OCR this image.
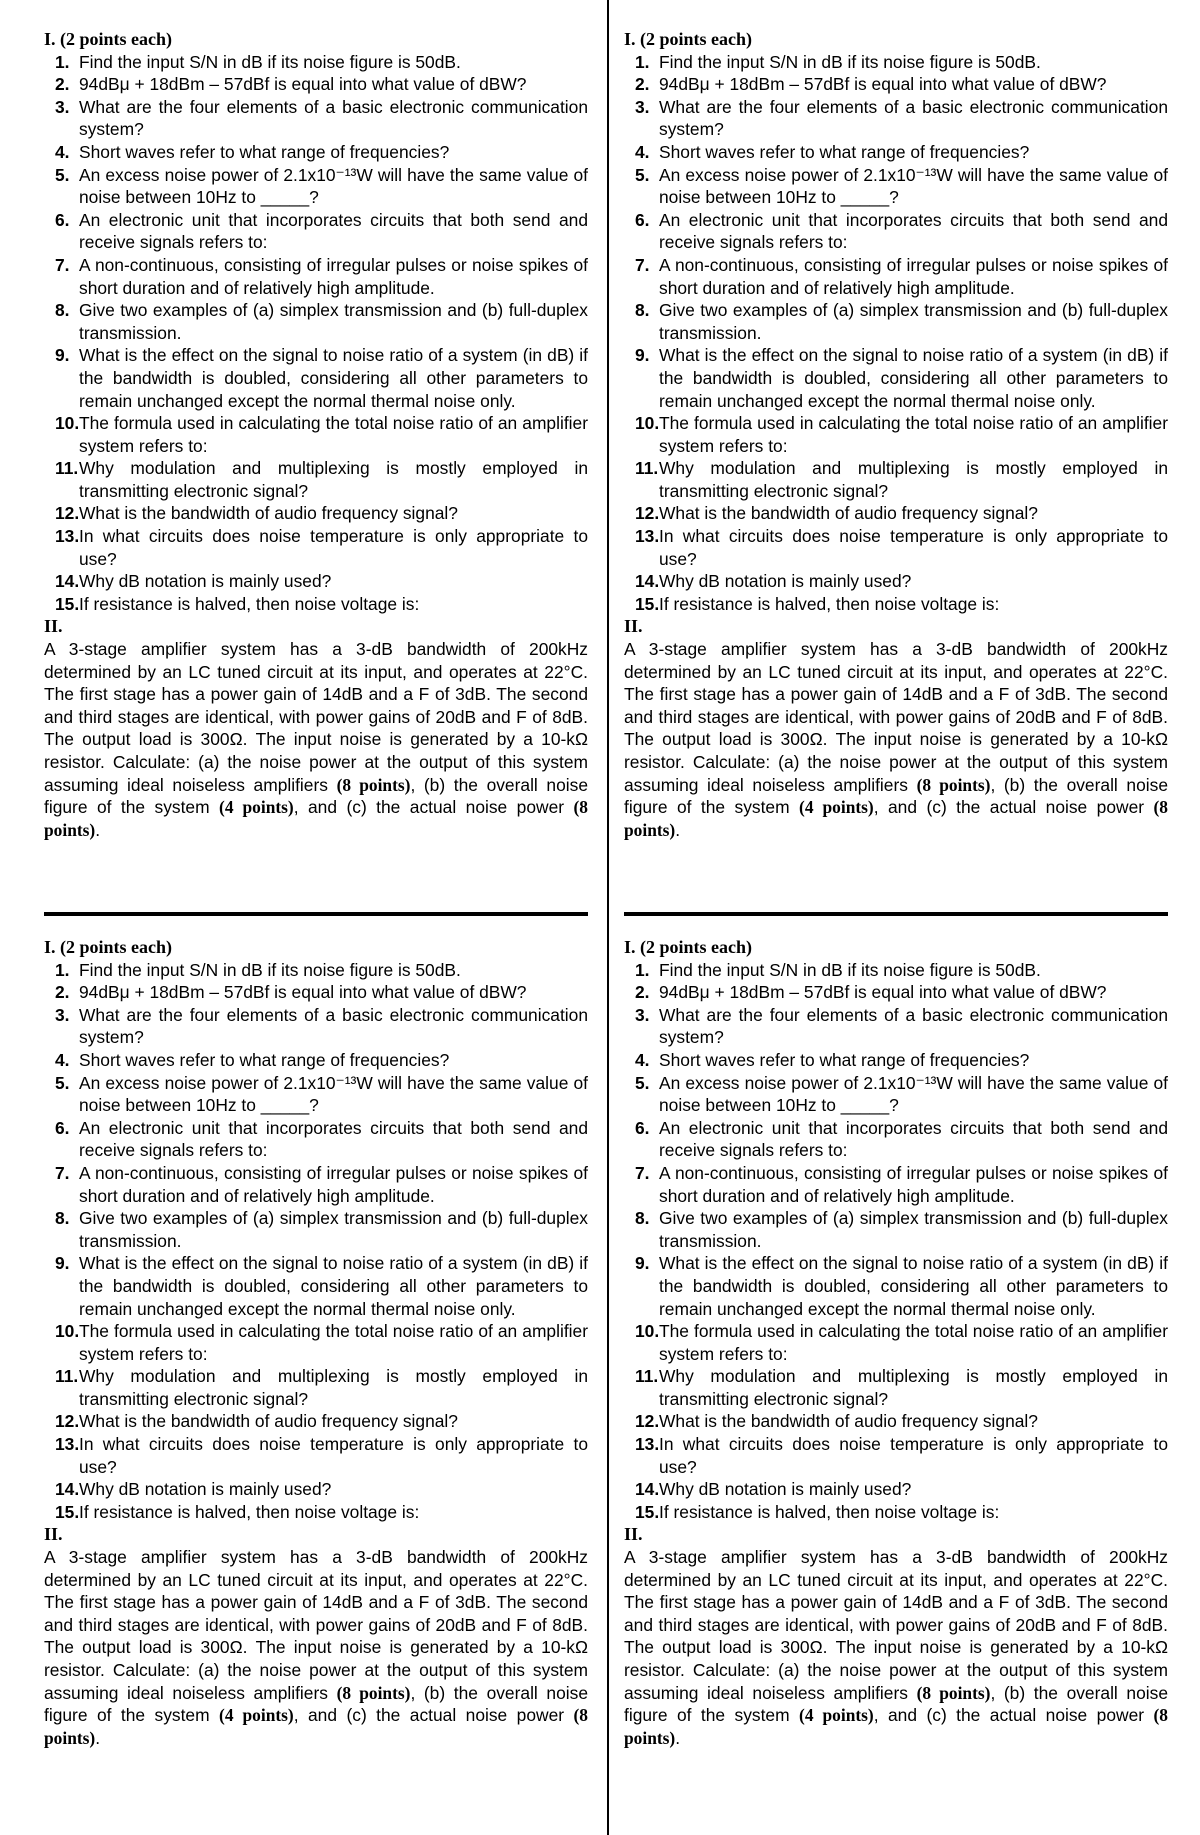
I. (2 points each)
1. Find the input S/N in dB if its noise figure is 50dB.
2. 94dBμ + 18dBm – 57dBf is equal into what value of dBW?
3. What are the four elements of a basic electronic communication system?
4. Short waves refer to what range of frequencies?
5. An excess noise power of 2.1x10⁻¹³W will have the same value of noise between 10Hz to _____?
6. An electronic unit that incorporates circuits that both send and receive signals refers to:
7. A non-continuous, consisting of irregular pulses or noise spikes of short duration and of relatively high amplitude.
8. Give two examples of (a) simplex transmission and (b) full-duplex transmission.
9. What is the effect on the signal to noise ratio of a system (in dB) if the bandwidth is doubled, considering all other parameters to remain unchanged except the normal thermal noise only.
10. The formula used in calculating the total noise ratio of an amplifier system refers to:
11. Why modulation and multiplexing is mostly employed in transmitting electronic signal?
12. What is the bandwidth of audio frequency signal?
13. In what circuits does noise temperature is only appropriate to use?
14. Why dB notation is mainly used?
15. If resistance is halved, then noise voltage is:
II.
A 3-stage amplifier system has a 3-dB bandwidth of 200kHz determined by an LC tuned circuit at its input, and operates at 22°C. The first stage has a power gain of 14dB and a F of 3dB. The second and third stages are identical, with power gains of 20dB and F of 8dB. The output load is 300Ω. The input noise is generated by a 10-kΩ resistor. Calculate: (a) the noise power at the output of this system assuming ideal noiseless amplifiers (8 points), (b) the overall noise figure of the system (4 points), and (c) the actual noise power (8 points).
I. (2 points each)
1. Find the input S/N in dB if its noise figure is 50dB.
2. 94dBμ + 18dBm – 57dBf is equal into what value of dBW?
3. What are the four elements of a basic electronic communication system?
4. Short waves refer to what range of frequencies?
5. An excess noise power of 2.1x10⁻¹³W will have the same value of noise between 10Hz to _____?
6. An electronic unit that incorporates circuits that both send and receive signals refers to:
7. A non-continuous, consisting of irregular pulses or noise spikes of short duration and of relatively high amplitude.
8. Give two examples of (a) simplex transmission and (b) full-duplex transmission.
9. What is the effect on the signal to noise ratio of a system (in dB) if the bandwidth is doubled, considering all other parameters to remain unchanged except the normal thermal noise only.
10. The formula used in calculating the total noise ratio of an amplifier system refers to:
11. Why modulation and multiplexing is mostly employed in transmitting electronic signal?
12. What is the bandwidth of audio frequency signal?
13. In what circuits does noise temperature is only appropriate to use?
14. Why dB notation is mainly used?
15. If resistance is halved, then noise voltage is:
II.
A 3-stage amplifier system has a 3-dB bandwidth of 200kHz determined by an LC tuned circuit at its input, and operates at 22°C. The first stage has a power gain of 14dB and a F of 3dB. The second and third stages are identical, with power gains of 20dB and F of 8dB. The output load is 300Ω. The input noise is generated by a 10-kΩ resistor. Calculate: (a) the noise power at the output of this system assuming ideal noiseless amplifiers (8 points), (b) the overall noise figure of the system (4 points), and (c) the actual noise power (8 points).
I. (2 points each)
1. Find the input S/N in dB if its noise figure is 50dB.
2. 94dBμ + 18dBm – 57dBf is equal into what value of dBW?
3. What are the four elements of a basic electronic communication system?
4. Short waves refer to what range of frequencies?
5. An excess noise power of 2.1x10⁻¹³W will have the same value of noise between 10Hz to _____?
6. An electronic unit that incorporates circuits that both send and receive signals refers to:
7. A non-continuous, consisting of irregular pulses or noise spikes of short duration and of relatively high amplitude.
8. Give two examples of (a) simplex transmission and (b) full-duplex transmission.
9. What is the effect on the signal to noise ratio of a system (in dB) if the bandwidth is doubled, considering all other parameters to remain unchanged except the normal thermal noise only.
10. The formula used in calculating the total noise ratio of an amplifier system refers to:
11. Why modulation and multiplexing is mostly employed in transmitting electronic signal?
12. What is the bandwidth of audio frequency signal?
13. In what circuits does noise temperature is only appropriate to use?
14. Why dB notation is mainly used?
15. If resistance is halved, then noise voltage is:
II.
A 3-stage amplifier system has a 3-dB bandwidth of 200kHz determined by an LC tuned circuit at its input, and operates at 22°C. The first stage has a power gain of 14dB and a F of 3dB. The second and third stages are identical, with power gains of 20dB and F of 8dB. The output load is 300Ω. The input noise is generated by a 10-kΩ resistor. Calculate: (a) the noise power at the output of this system assuming ideal noiseless amplifiers (8 points), (b) the overall noise figure of the system (4 points), and (c) the actual noise power (8 points).
I. (2 points each)
1. Find the input S/N in dB if its noise figure is 50dB.
2. 94dBμ + 18dBm – 57dBf is equal into what value of dBW?
3. What are the four elements of a basic electronic communication system?
4. Short waves refer to what range of frequencies?
5. An excess noise power of 2.1x10⁻¹³W will have the same value of noise between 10Hz to _____?
6. An electronic unit that incorporates circuits that both send and receive signals refers to:
7. A non-continuous, consisting of irregular pulses or noise spikes of short duration and of relatively high amplitude.
8. Give two examples of (a) simplex transmission and (b) full-duplex transmission.
9. What is the effect on the signal to noise ratio of a system (in dB) if the bandwidth is doubled, considering all other parameters to remain unchanged except the normal thermal noise only.
10. The formula used in calculating the total noise ratio of an amplifier system refers to:
11. Why modulation and multiplexing is mostly employed in transmitting electronic signal?
12. What is the bandwidth of audio frequency signal?
13. In what circuits does noise temperature is only appropriate to use?
14. Why dB notation is mainly used?
15. If resistance is halved, then noise voltage is:
II.
A 3-stage amplifier system has a 3-dB bandwidth of 200kHz determined by an LC tuned circuit at its input, and operates at 22°C. The first stage has a power gain of 14dB and a F of 3dB. The second and third stages are identical, with power gains of 20dB and F of 8dB. The output load is 300Ω. The input noise is generated by a 10-kΩ resistor. Calculate: (a) the noise power at the output of this system assuming ideal noiseless amplifiers (8 points), (b) the overall noise figure of the system (4 points), and (c) the actual noise power (8 points).
